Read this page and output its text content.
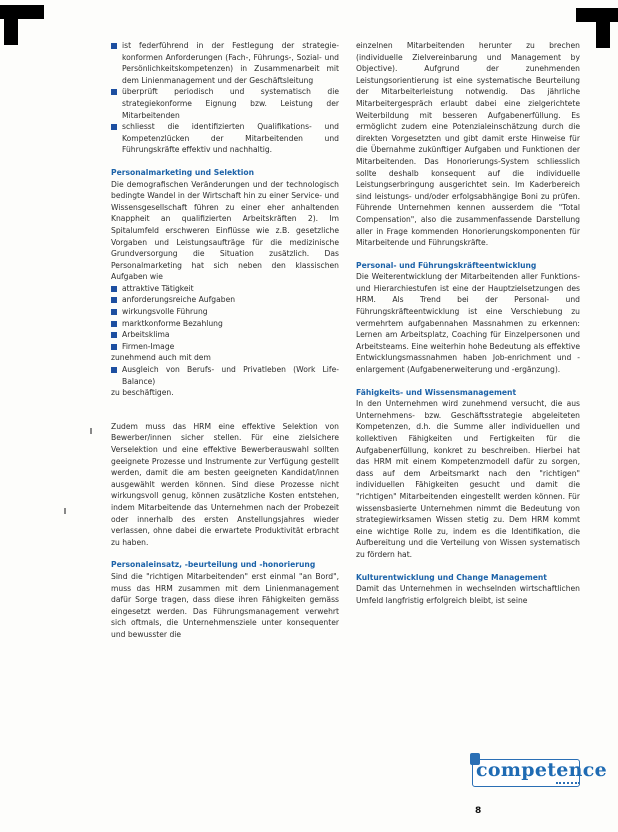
ist federführend in der Festlegung der strategie-konformen Anforderungen (Fach-, Führungs-, Sozial- und Persönlichkeitskompetenzen) in Zusammenarbeit mit dem Linienmanagement und der Geschäftsleitung
überprüft periodisch und systematisch die strategiekonforme Eignung bzw. Leistung der Mitarbeitenden
schliesst die identifizierten Qualifikations- und Kompetenzlücken der Mitarbeitenden und Führungskräfte effektiv und nachhaltig.
Personalmarketing und Selektion

Die demografischen Veränderungen und der technologisch bedingte Wandel in der Wirtschaft hin zu einer Service- und Wissensgesellschaft führen zu einer eher anhaltenden Knappheit an qualifizierten Arbeitskräften 2). Im Spitalumfeld erschweren Einflüsse wie z.B. gesetzliche Vorgaben und Leistungsaufträge für die medizinische Grundversorgung die Situation zusätzlich. Das Personalmarketing hat sich neben den klassischen Aufgaben wie

attraktive Tätigkeit
anforderungsreiche Aufgaben
wirkungsvolle Führung
marktkonforme Bezahlung
Arbeitsklima
Firmen-Image

zunehmend auch mit dem

Ausgleich von Berufs- und Privatleben (Work Life-Balance)

zu beschäftigen.

Zudem muss das HRM eine effektive Selektion von Bewerber/innen sicher stellen. Für eine zielsichere Verselektion und eine effektive Bewerberauswahl sollten geeignete Prozesse und Instrumente zur Verfügung gestellt werden, damit die am besten geeigneten Kandidat/innen ausgewählt werden können. Sind diese Prozesse nicht wirkungsvoll genug, können zusätzliche Kosten entstehen, indem Mitarbeitende das Unternehmen nach der Probezeit oder innerhalb des ersten Anstellungsjahres wieder verlassen, ohne dabei die erwartete Produktivität erbracht zu haben.

Personaleinsatz, -beurteilung und -honorierung

Sind die "richtigen Mitarbeitenden" erst einmal "an Bord", muss das HRM zusammen mit dem Linienmanagement dafür Sorge tragen, dass diese ihren Fähigkeiten gemäss eingesetzt werden. Das Führungsmanagement verwehrt sich oftmals, die Unternehmensziele unter konsequenter und bewusster die

einzelnen Mitarbeitenden herunter zu brechen (individuelle Zielvereinbarung und Management by Objective). Aufgrund der zunehmenden Leistungsorientierung ist eine systematische Beurteilung der Mitarbeiterleistung notwendig. Das jährliche Mitarbeitergespräch erlaubt dabei eine zielgerichtete Weiterbildung mit besseren Aufgabenerfüllung. Es ermöglicht zudem eine Potenzialeinschätzung durch die direkten Vorgesetzten und gibt damit erste Hinweise für die Übernahme zukünftiger Aufgaben und Funktionen der Mitarbeitenden. Das Honorierungs-System schliesslich sollte deshalb konsequent auf die individuelle Leistungserbringung ausgerichtet sein. Im Kaderbereich sind leistungs- und/oder erfolgsabhängige Boni zu prüfen. Führende Unternehmen kennen ausserdem die "Total Compensation", also die zusammenfassende Darstellung aller in Frage kommenden Honorierungskomponenten für Mitarbeitende und Führungskräfte.

Personal- und Führungskräfteentwicklung

Die Weiterentwicklung der Mitarbeitenden aller Funktions- und Hierarchiestufen ist eine der Hauptzielsetzungen des HRM. Als Trend bei der Personal- und Führungskräfteentwicklung ist eine Verschiebung zu vermehrtem aufgabennahen Massnahmen zu erkennen: Lernen am Arbeitsplatz, Coaching für Einzelpersonen und Arbeitsteams. Eine weiterhin hohe Bedeutung als effektive Entwicklungsmassnahmen haben Job-enrichment und -enlargement (Aufgabenerweiterung und -ergänzung).

Fähigkeits- und Wissensmanagement

In den Unternehmen wird zunehmend versucht, die aus Unternehmens- bzw. Geschäftsstrategie abgeleiteten Kompetenzen, d.h. die Summe aller individuellen und kollektiven Fähigkeiten und Fertigkeiten für die Aufgabenerfüllung, konkret zu beschreiben. Hierbei hat das HRM mit einem Kompetenzmodell dafür zu sorgen, dass auf dem Arbeitsmarkt nach den "richtigen" individuellen Fähigkeiten gesucht und damit die "richtigen" Mitarbeitenden eingestellt werden können. Für wissensbasierte Unternehmen nimmt die Bedeutung von strategiewirksamen Wissen stetig zu. Dem HRM kommt eine wichtige Rolle zu, indem es die Identifikation, die Aufbereitung und die Verteilung von Wissen systematisch zu fördern hat.

Kulturentwicklung und Change Management

Damit das Unternehmen in wechselnden wirtschaftlichen Umfeld langfristig erfolgreich bleibt, ist seine

competence
8
